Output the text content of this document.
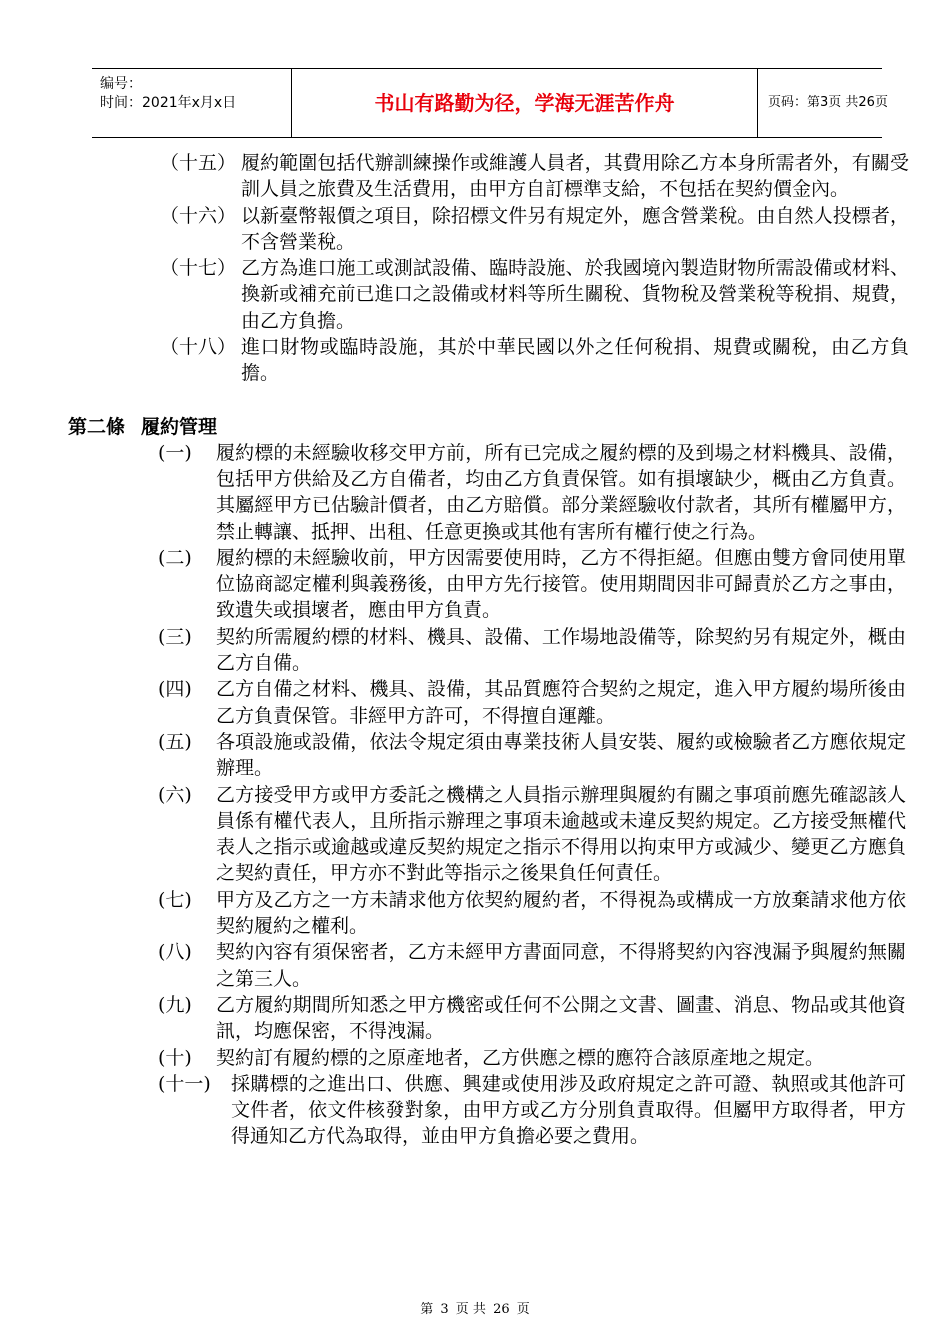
编号：
时间：2021年x月x日	书山有路勤为径，学海无涯苦作舟	页码：第3页 共26页
（十五） 履約範圍包括代辦訓練操作或維護人員者，其費用除乙方本身所需者外，有關受訓人員之旅費及生活費用，由甲方自訂標準支給，不包括在契約價金內。
（十六） 以新臺幣報價之項目，除招標文件另有規定外，應含營業稅。由自然人投標者，不含營業稅。
（十七） 乙方為進口施工或測試設備、臨時設施、於我國境內製造財物所需設備或材料、換新或補充前已進口之設備或材料等所生關稅、貨物稅及營業稅等稅捐、規費，由乙方負擔。
（十八） 進口財物或臨時設施，其於中華民國以外之任何稅捐、規費或關稅，由乙方負擔。
第二條 履約管理
(一) 履約標的未經驗收移交甲方前，所有已完成之履約標的及到場之材料機具、設備，包括甲方供給及乙方自備者，均由乙方負責保管。如有損壞缺少，概由乙方負責。其屬經甲方已估驗計價者，由乙方賠償。部分業經驗收付款者，其所有權屬甲方，禁止轉讓、抵押、出租、任意更換或其他有害所有權行使之行為。
(二) 履約標的未經驗收前，甲方因需要使用時，乙方不得拒絕。但應由雙方會同使用單位協商認定權利與義務後，由甲方先行接管。使用期間因非可歸責於乙方之事由，致遺失或損壞者，應由甲方負責。
(三) 契約所需履約標的材料、機具、設備、工作場地設備等，除契約另有規定外，概由乙方自備。
(四) 乙方自備之材料、機具、設備，其品質應符合契約之規定，進入甲方履約場所後由乙方負責保管。非經甲方許可，不得擅自運離。
(五) 各項設施或設備，依法令規定須由專業技術人員安裝、履約或檢驗者乙方應依規定辦理。
(六) 乙方接受甲方或甲方委託之機構之人員指示辦理與履約有關之事項前應先確認該人員係有權代表人，且所指示辦理之事項未逾越或未違反契約規定。乙方接受無權代表人之指示或逾越或違反契約規定之指示不得用以拘束甲方或減少、變更乙方應負之契約責任，甲方亦不對此等指示之後果負任何責任。
(七) 甲方及乙方之一方未請求他方依契約履約者，不得視為或構成一方放棄請求他方依契約履約之權利。
(八) 契約內容有須保密者，乙方未經甲方書面同意，不得將契約內容洩漏予與履約無關之第三人。
(九) 乙方履約期間所知悉之甲方機密或任何不公開之文書、圖畫、消息、物品或其他資訊，均應保密，不得洩漏。
(十) 契約訂有履約標的之原產地者，乙方供應之標的應符合該原產地之規定。
(十一) 採購標的之進出口、供應、興建或使用涉及政府規定之許可證、執照或其他許可文件者，依文件核發對象，由甲方或乙方分別負責取得。但屬甲方取得者，甲方得通知乙方代為取得，並由甲方負擔必要之費用。
第 3 页 共 26 页
